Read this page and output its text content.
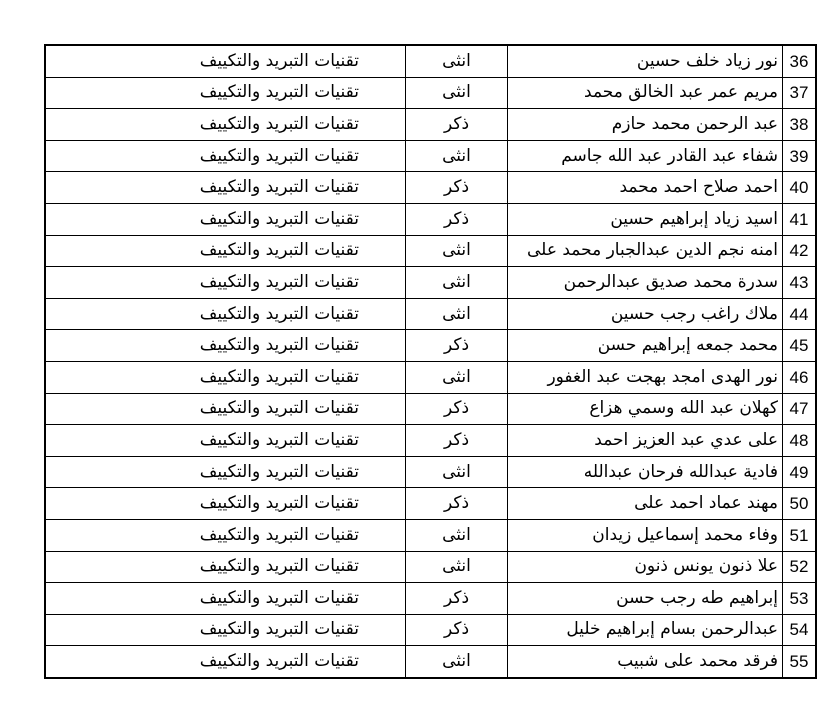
تقنيات التبريد والتكييف	انثى	نور زياد خلف حسين	36
تقنيات التبريد والتكييف	انثى	مريم عمر عبد الخالق محمد	37
تقنيات التبريد والتكييف	ذكر	عبد الرحمن محمد حازم	38
تقنيات التبريد والتكييف	انثى	شفاء عبد القادر عبد الله جاسم	39
تقنيات التبريد والتكييف	ذكر	احمد صلاح احمد محمد	40
تقنيات التبريد والتكييف	ذكر	اسيد زياد إبراهيم حسين	41
تقنيات التبريد والتكييف	انثى	امنه نجم الدين عبدالجبار محمد على	42
تقنيات التبريد والتكييف	انثى	سدرة محمد صديق عبدالرحمن	43
تقنيات التبريد والتكييف	انثى	ملاك راغب رجب حسين	44
تقنيات التبريد والتكييف	ذكر	محمد جمعه إبراهيم حسن	45
تقنيات التبريد والتكييف	انثى	نور الهدى امجد بهجت عبد الغفور	46
تقنيات التبريد والتكييف	ذكر	كهلان عبد الله وسمي هزاع	47
تقنيات التبريد والتكييف	ذكر	على عدي عبد العزيز احمد	48
تقنيات التبريد والتكييف	انثى	فادية عبدالله فرحان عبدالله	49
تقنيات التبريد والتكييف	ذكر	مهند عماد احمد على	50
تقنيات التبريد والتكييف	انثى	وفاء محمد إسماعيل زيدان	51
تقنيات التبريد والتكييف	انثى	علا ذنون يونس ذنون	52
تقنيات التبريد والتكييف	ذكر	إبراهيم طه رجب حسن	53
تقنيات التبريد والتكييف	ذكر	عبدالرحمن بسام إبراهيم خليل	54
تقنيات التبريد والتكييف	انثى	فرقد محمد على شبيب	55
